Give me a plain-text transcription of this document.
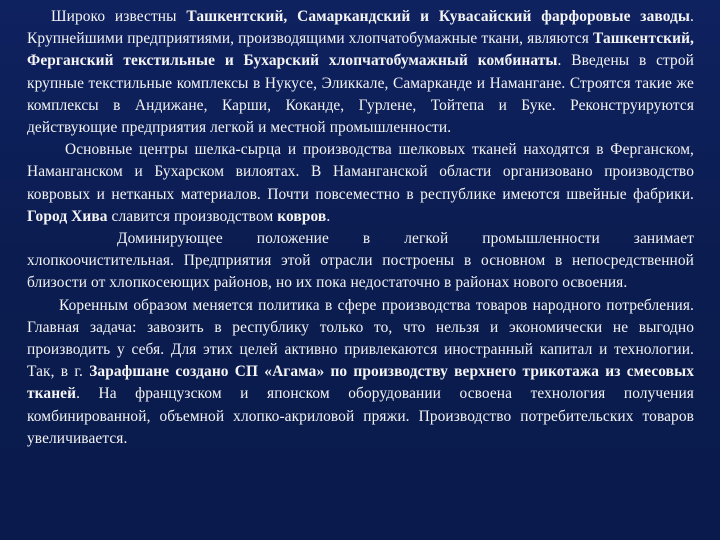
Широко известны Ташкентский, Самаркандский и Кувасайский фарфоровые заводы. Крупнейшими предприятиями, производящими хлопчатобумажные ткани, являются Ташкентский, Ферганский текстильные и Бухарский хлопчатобумажный комбинаты. Введены в строй крупные текстильные комплексы в Нукусе, Эликкале, Самарканде и Намангане. Строятся такие же комплексы в Андижане, Карши, Коканде, Гурлене, Тойтепа и Буке. Реконструируются действующие предприятия легкой и местной промышленности.

Основные центры шелка-сырца и производства шелковых тканей находятся в Ферганском, Наманганском и Бухарском вилоятах. В Наманганской области организовано производство ковровых и нетканых материалов. Почти повсеместно в республике имеются швейные фабрики. Город Хива славится производством ковров.

Доминирующее положение в легкой промышленности занимает хлопкоочистительная. Предприятия этой отрасли построены в основном в непосредственной близости от хлопкосеющих районов, но их пока недостаточно в районах нового освоения.

Коренным образом меняется политика в сфере производства товаров народного потребления. Главная задача: завозить в республику только то, что нельзя и экономически не выгодно производить у себя. Для этих целей активно привлекаются иностранный капитал и технологии. Так, в г. Зарафшане создано СП «Агама» по производству верхнего трикотажа из смесовых тканей. На французском и японском оборудовании освоена технология получения комбинированной, объемной хлопко-акриловой пряжи. Производство потребительских товаров увеличивается.
